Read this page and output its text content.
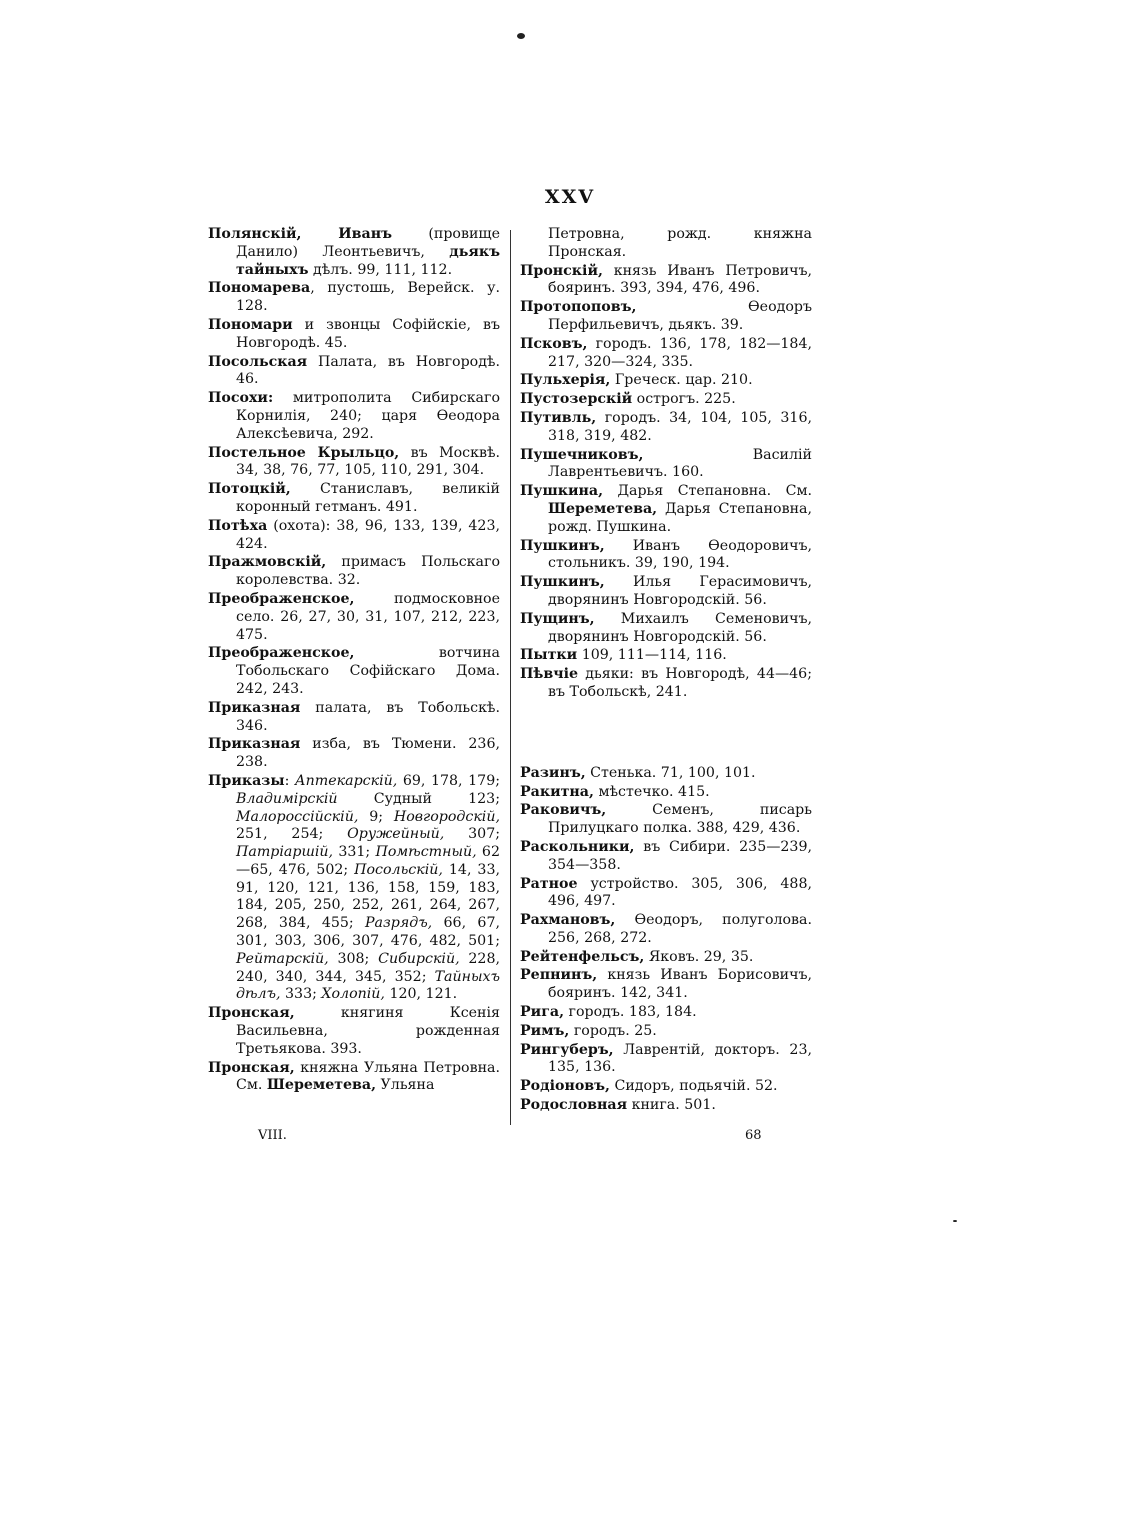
XXV

Полянскій, Иванъ (провище Данило) Леонтьевичъ, дьякъ тайныхъ дѣлъ. 99, 111, 112.

Пономарева, пустошь, Верейск. у. 128.

Пономари и звонцы Софійскіе, въ Новгородѣ. 45.

Посольская Палата, въ Новгородѣ. 46.

Посохи: митрополита Сибирскаго Корнилія, 240; царя Ѳеодора Алексѣевича, 292.

Постельное Крыльцо, въ Москвѣ. 34, 38, 76, 77, 105, 110, 291, 304.

Потоцкій, Станиславъ, великій коронный гетманъ. 491.

Потѣха (охота): 38, 96, 133, 139, 423, 424.

Пражмовскій, примасъ Польскаго королевства. 32.

Преображенское, подмосковное село. 26, 27, 30, 31, 107, 212, 223, 475.

Преображенское, вотчина Тобольскаго Софійскаго Дома. 242, 243.

Приказная палата, въ Тобольскѣ. 346.

Приказная изба, въ Тюмени. 236, 238.

Приказы: Аптекарскій, 69, 178, 179; Владимірскій Судный 123; Малороссійскій, 9; Новгородскій, 251, 254; Оружейный, 307; Патріаршій, 331; Помѣстный, 62—65, 476, 502; Посольскій, 14, 33, 91, 120, 121, 136, 158, 159, 183, 184, 205, 250, 252, 261, 264, 267, 268, 384, 455; Разрядъ, 66, 67, 301, 303, 306, 307, 476, 482, 501; Рейтарскій, 308; Сибирскій, 228, 240, 340, 344, 345, 352; Тайныхъ дѣлъ, 333; Холопій, 120, 121.

Пронская, княгиня Ксенія Васильевна, рожденная Третьякова. 393.

Пронская, княжна Ульяна Петровна. См. Шереметева, Ульяна

Петровна, рожд. княжна Пронская.

Пронскій, князь Иванъ Петровичъ, бояринъ. 393, 394, 476, 496.

Протопоповъ, Ѳеодоръ Перфильевичъ, дьякъ. 39.

Псковъ, городъ. 136, 178, 182—184, 217, 320—324, 335.

Пульхерія, Греческ. цар. 210.

Пустозерскій острогъ. 225.

Путивль, городъ. 34, 104, 105, 316, 318, 319, 482.

Пушечниковъ, Василій Лаврентьевичъ. 160.

Пушкина, Дарья Степановна. См. Шереметева, Дарья Степановна, рожд. Пушкина.

Пушкинъ, Иванъ Ѳеодоровичъ, стольникъ. 39, 190, 194.

Пушкинъ, Илья Герасимовичъ, дворянинъ Новгородскій. 56.

Пущинъ, Михаилъ Семеновичъ, дворянинъ Новгородскій. 56.

Пытки 109, 111—114, 116.

Пѣвчіе дьяки: въ Новгородѣ, 44—46; въ Тобольскѣ, 241.

Разинъ, Стенька. 71, 100, 101.

Ракитна, мѣстечко. 415.

Раковичъ, Семенъ, писарь Прилуцкаго полка. 388, 429, 436.

Раскольники, въ Сибири. 235—239, 354—358.

Ратное устройство. 305, 306, 488, 496, 497.

Рахмановъ, Ѳеодоръ, полуголова. 256, 268, 272.

Рейтенфельсъ, Яковъ. 29, 35.

Репнинъ, князь Иванъ Борисовичъ, бояринъ. 142, 341.

Рига, городъ. 183, 184.

Римъ, городъ. 25.

Рингуберъ, Лаврентій, докторъ. 23, 135, 136.

Родіоновъ, Сидоръ, подьячій. 52.

Родословная книга. 501.

VIII.	68
